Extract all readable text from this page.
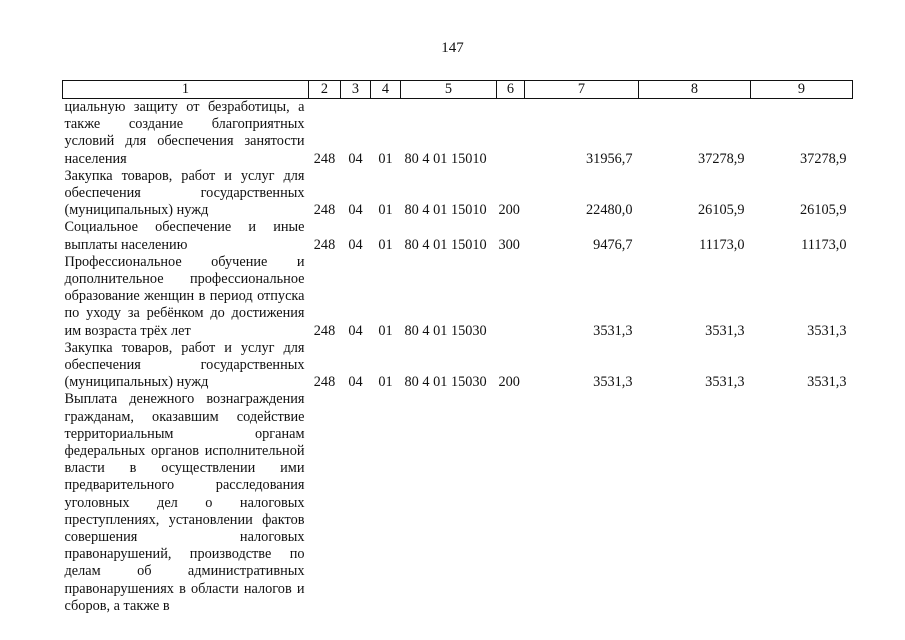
147
1	2	3	4	5	6	7	8	9
циальную защиту от безработицы, а также создание благоприятных условий для обеспечения занятости населения	248	04	01	80 4 01 15010		31956,7	37278,9	37278,9
Закупка товаров, работ и услуг для обеспечения государственных (муниципальных) нужд	248	04	01	80 4 01 15010	200	22480,0	26105,9	26105,9
Социальное обеспечение и иные выплаты населению	248	04	01	80 4 01 15010	300	9476,7	11173,0	11173,0
Профессиональное обучение и дополнительное профессиональное образование женщин в период отпуска по уходу за ребёнком до достижения им возраста трёх лет	248	04	01	80 4 01 15030		3531,3	3531,3	3531,3
Закупка товаров, работ и услуг для обеспечения государственных (муниципальных) нужд	248	04	01	80 4 01 15030	200	3531,3	3531,3	3531,3
Выплата денежного вознаграждения гражданам, оказавшим содействие территориальным органам федеральных органов исполнительной власти в осуществлении ими предварительного расследования уголовных дел о налоговых преступлениях, установлении фактов совершения налоговых правонарушений, производстве по делам об административных правонарушениях в области налогов и сборов, а также в								
